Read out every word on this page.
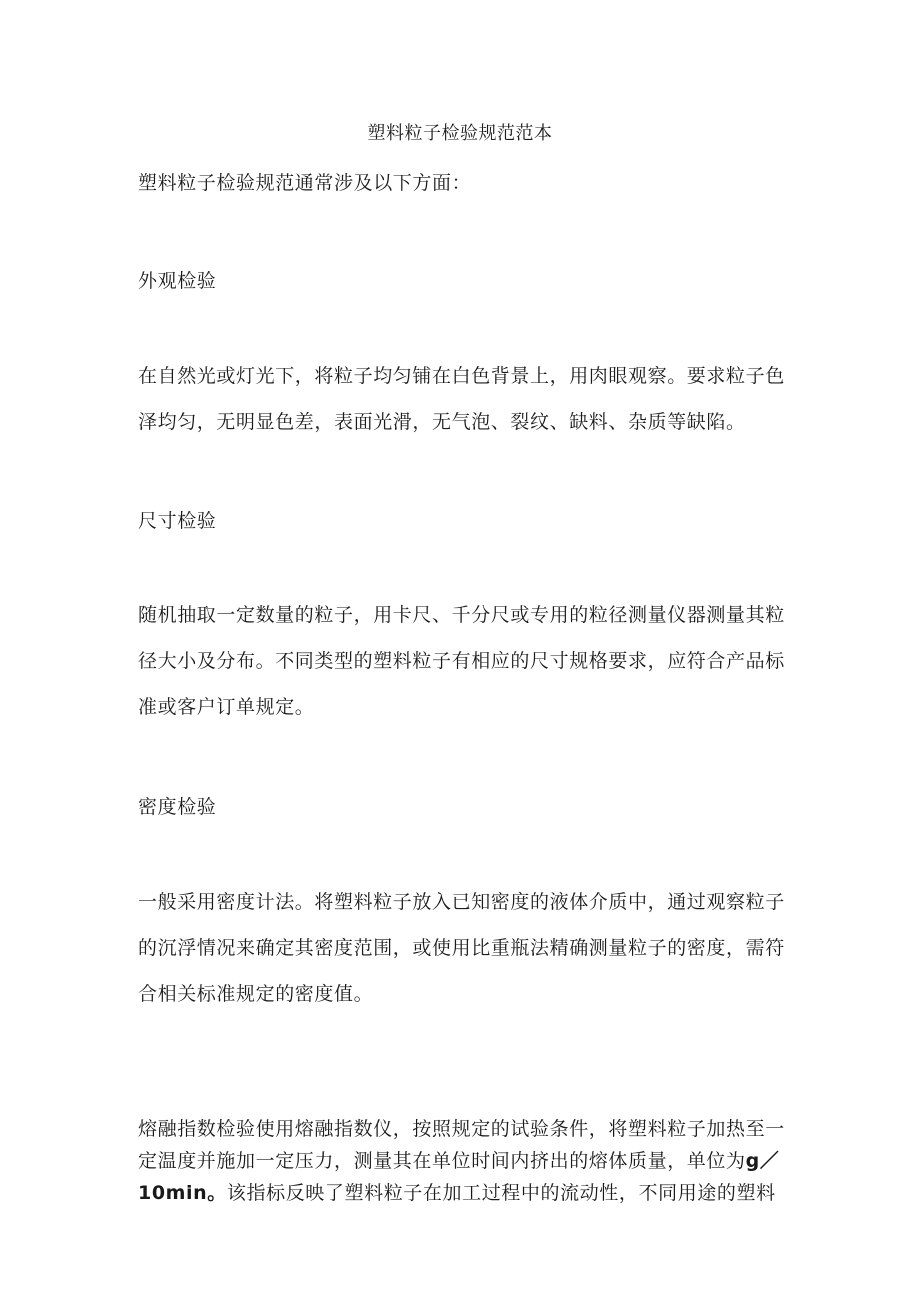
塑料粒子检验规范范本

塑料粒子检验规范通常涉及以下方面：

外观检验

在自然光或灯光下，将粒子均匀铺在白色背景上，用肉眼观察。要求粒子色泽均匀，无明显色差，表面光滑，无气泡、裂纹、缺料、杂质等缺陷。

尺寸检验

随机抽取一定数量的粒子，用卡尺、千分尺或专用的粒径测量仪器测量其粒径大小及分布。不同类型的塑料粒子有相应的尺寸规格要求，应符合产品标准或客户订单规定。

密度检验

一般采用密度计法。将塑料粒子放入已知密度的液体介质中，通过观察粒子的沉浮情况来确定其密度范围，或使用比重瓶法精确测量粒子的密度，需符合相关标准规定的密度值。

熔融指数检验使用熔融指数仪，按照规定的试验条件，将塑料粒子加热至一定温度并施加一定压力，测量其在单位时间内挤出的熔体质量，单位为g／10min。该指标反映了塑料粒子在加工过程中的流动性，不同用途的塑料
